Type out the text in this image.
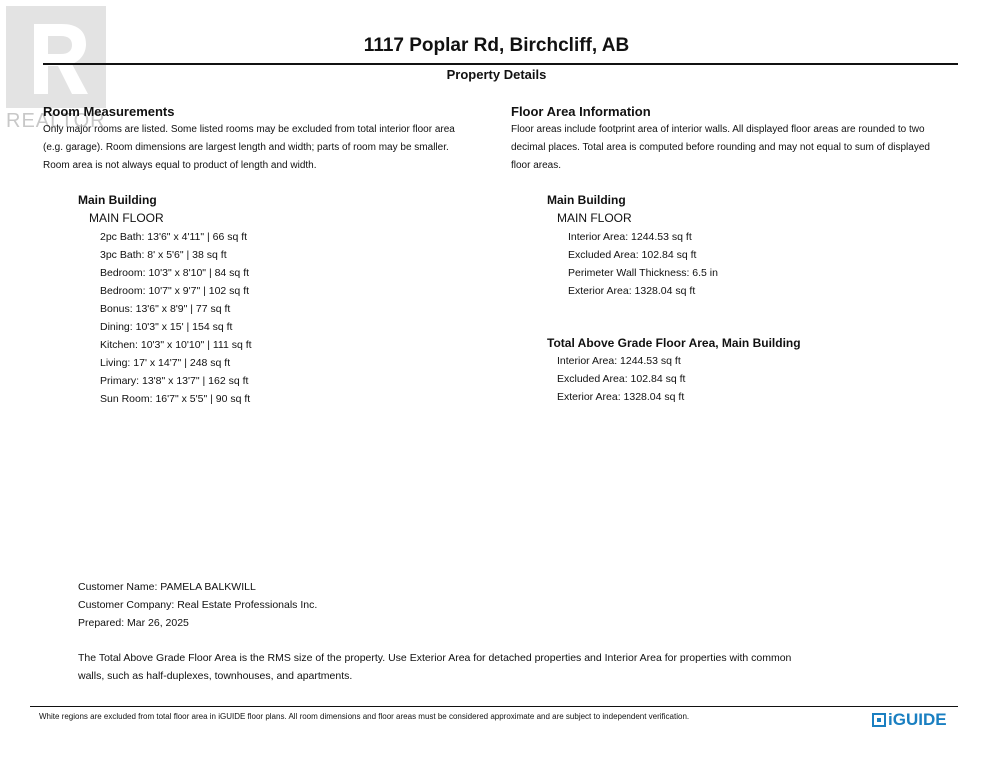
REALTOR
1117 Poplar Rd, Birchcliff, AB
Property Details
Room Measurements
Only major rooms are listed. Some listed rooms may be excluded from total interior floor area
(e.g. garage). Room dimensions are largest length and width; parts of room may be smaller.
Room area is not always equal to product of length and width.
Main Building
MAIN FLOOR
2pc Bath: 13'6" x 4'11" | 66 sq ft
3pc Bath: 8' x 5'6" | 38 sq ft
Bedroom: 10'3" x 8'10" | 84 sq ft
Bedroom: 10'7" x 9'7" | 102 sq ft
Bonus: 13'6" x 8'9" | 77 sq ft
Dining: 10'3" x 15' | 154 sq ft
Kitchen: 10'3" x 10'10" | 111 sq ft
Living: 17' x 14'7" | 248 sq ft
Primary: 13'8" x 13'7" | 162 sq ft
Sun Room: 16'7" x 5'5" | 90 sq ft
Floor Area Information
Floor areas include footprint area of interior walls. All displayed floor areas are rounded to two
decimal places. Total area is computed before rounding and may not equal to sum of displayed
floor areas.
Main Building
MAIN FLOOR
Interior Area: 1244.53 sq ft
Excluded Area: 102.84 sq ft
Perimeter Wall Thickness: 6.5 in
Exterior Area: 1328.04 sq ft
Total Above Grade Floor Area, Main Building
Interior Area: 1244.53 sq ft
Excluded Area: 102.84 sq ft
Exterior Area: 1328.04 sq ft
Customer Name: PAMELA BALKWILL
Customer Company: Real Estate Professionals Inc.
Prepared: Mar 26, 2025
The Total Above Grade Floor Area is the RMS size of the property. Use Exterior Area for detached properties and Interior Area for properties with common
walls, such as half-duplexes, townhouses, and apartments.
White regions are excluded from total floor area in iGUIDE floor plans. All room dimensions and floor areas must be considered approximate and are subject to independent verification.	iGUIDE
